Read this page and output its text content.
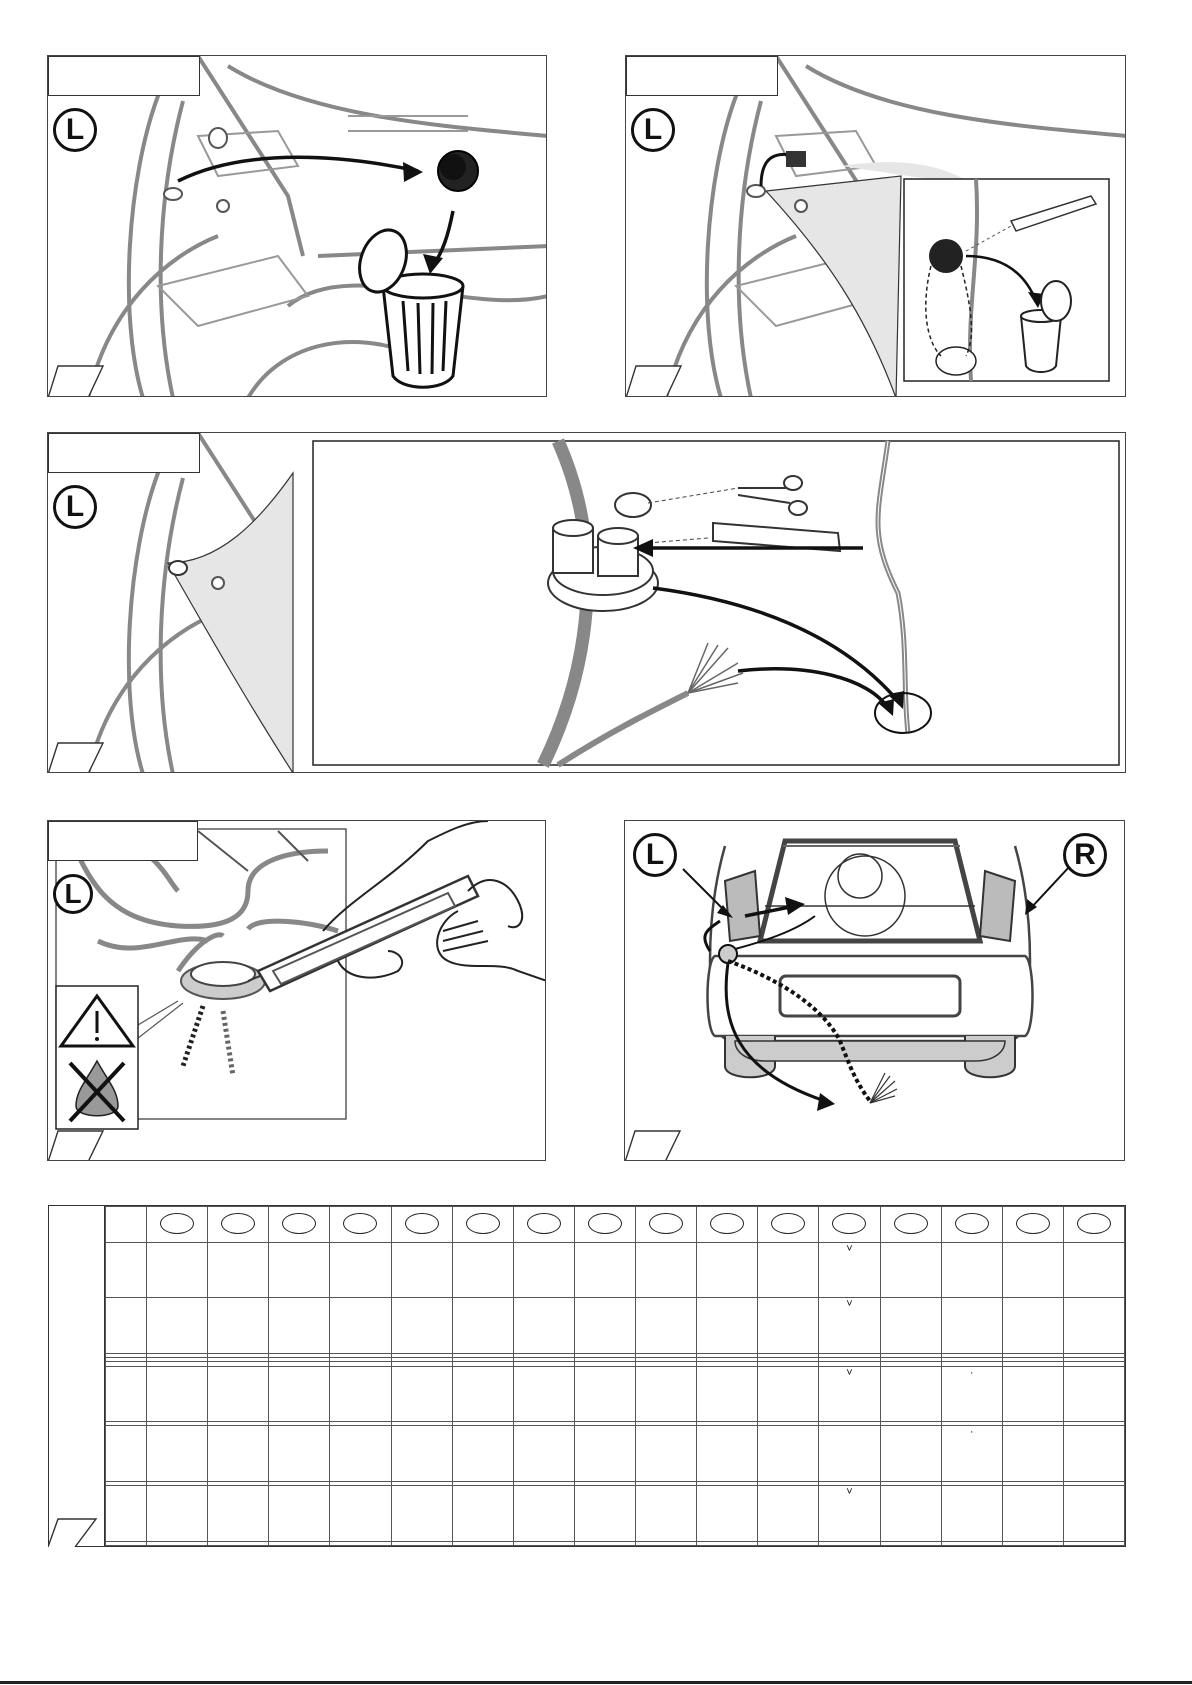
L	L
L
L
L	R

												˅				
												˅				

												˅		·		

														·		

												˅				
